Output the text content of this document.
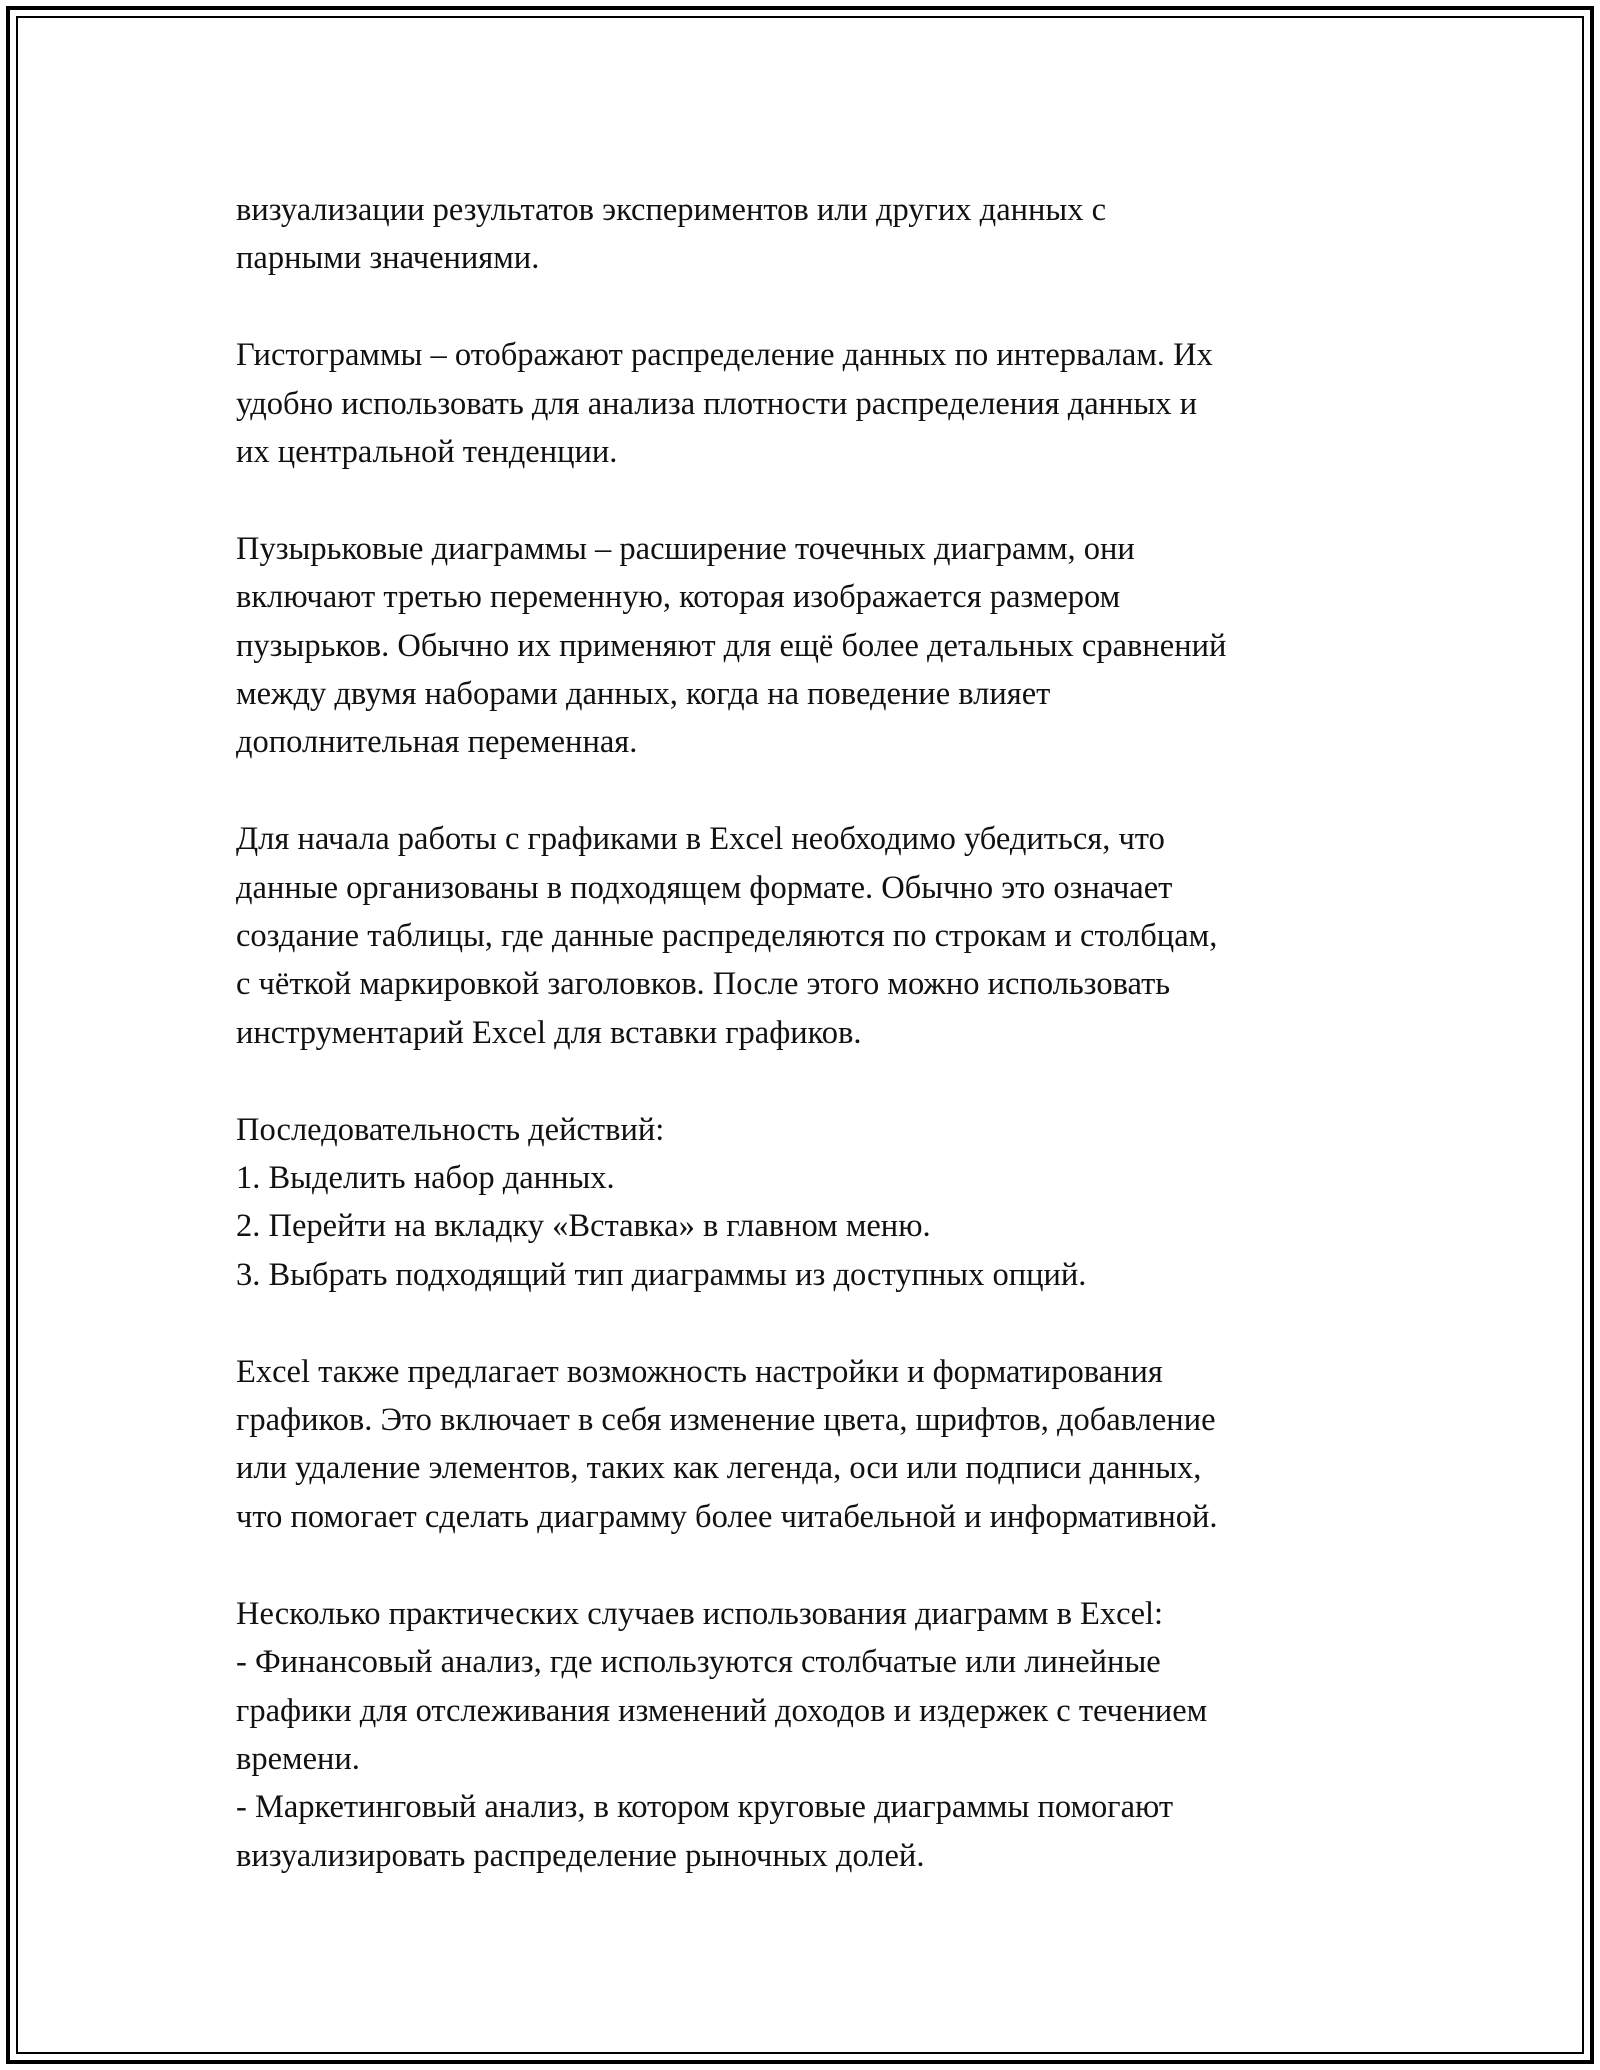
визуализации результатов экспериментов или других данных с
парными значениями.

Гистограммы – отображают распределение данных по интервалам. Их
удобно использовать для анализа плотности распределения данных и
их центральной тенденции.

Пузырьковые диаграммы – расширение точечных диаграмм, они
включают третью переменную, которая изображается размером
пузырьков. Обычно их применяют для ещё более детальных сравнений
между двумя наборами данных, когда на поведение влияет
дополнительная переменная.

Для начала работы с графиками в Excel необходимо убедиться, что
данные организованы в подходящем формате. Обычно это означает
создание таблицы, где данные распределяются по строкам и столбцам,
с чёткой маркировкой заголовков. После этого можно использовать
инструментарий Excel для вставки графиков.

Последовательность действий:
1. Выделить набор данных.
2. Перейти на вкладку «Вставка» в главном меню.
3. Выбрать подходящий тип диаграммы из доступных опций.

Excel также предлагает возможность настройки и форматирования
графиков. Это включает в себя изменение цвета, шрифтов, добавление
или удаление элементов, таких как легенда, оси или подписи данных,
что помогает сделать диаграмму более читабельной и информативной.

Несколько практических случаев использования диаграмм в Excel:
- Финансовый анализ, где используются столбчатые или линейные
графики для отслеживания изменений доходов и издержек с течением
времени.
- Маркетинговый анализ, в котором круговые диаграммы помогают
визуализировать распределение рыночных долей.
